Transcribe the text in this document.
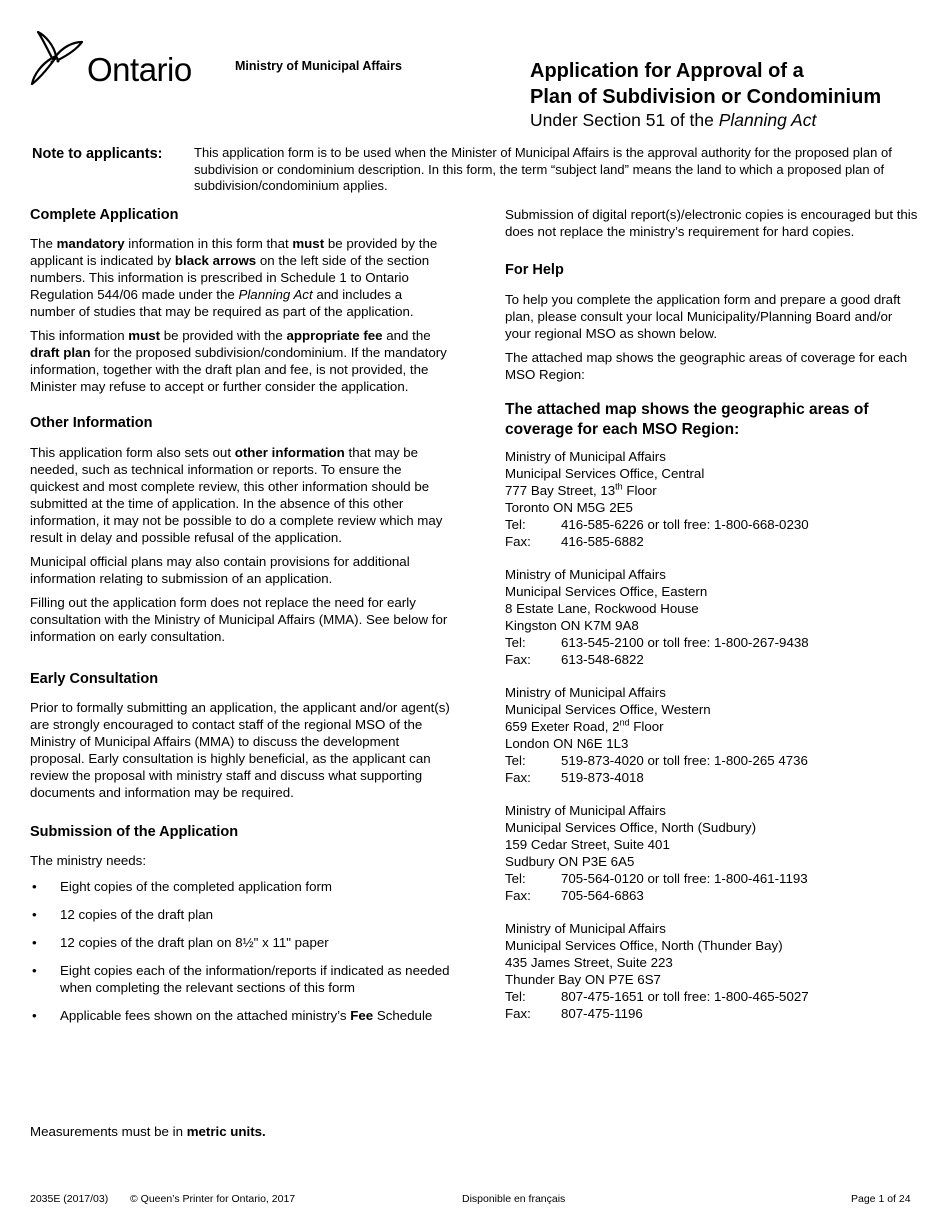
Ontario	Ministry of Municipal Affairs	Application for Approval of a
Plan of Subdivision or Condominium
Under Section 51 of the Planning Act
Note to applicants: This application form is to be used when the Minister of Municipal Affairs is the approval authority for the proposed plan of subdivision or condominium description. In this form, the term “subject land” means the land to which a proposed plan of subdivision/condominium applies.
Complete Application

The mandatory information in this form that must be provided by the applicant is indicated by black arrows on the left side of the section numbers. This information is prescribed in Schedule 1 to Ontario Regulation 544/06 made under the Planning Act and includes a number of studies that may be required as part of the application.

This information must be provided with the appropriate fee and the draft plan for the proposed subdivision/condominium. If the mandatory information, together with the draft plan and fee, is not provided, the Minister may refuse to accept or further consider the application.

Other Information

This application form also sets out other information that may be needed, such as technical information or reports. To ensure the quickest and most complete review, this other information should be submitted at the time of application. In the absence of this other information, it may not be possible to do a complete review which may result in delay and possible refusal of the application.

Municipal official plans may also contain provisions for additional information relating to submission of an application.

Filling out the application form does not replace the need for early consultation with the Ministry of Municipal Affairs (MMA). See below for information on early consultation.

Early Consultation

Prior to formally submitting an application, the applicant and/or agent(s) are strongly encouraged to contact staff of the regional MSO of the Ministry of Municipal Affairs (MMA) to discuss the development proposal. Early consultation is highly beneficial, as the applicant can review the proposal with ministry staff and discuss what supporting documents and information may be required.

Submission of the Application

The ministry needs:

• Eight copies of the completed application form
• 12 copies of the draft plan
• 12 copies of the draft plan on 8½" x 11" paper
• Eight copies each of the information/reports if indicated as needed when completing the relevant sections of this form
• Applicable fees shown on the attached ministry’s Fee Schedule
Measurements must be in metric units.

Submission of digital report(s)/electronic copies is encouraged but this does not replace the ministry’s requirement for hard copies.

For Help

To help you complete the application form and prepare a good draft plan, please consult your local Municipality/Planning Board and/or your regional MSO as shown below.

The attached map shows the geographic areas of coverage for each MSO Region:

The attached map shows the geographic areas of coverage for each MSO Region:

Ministry of Municipal Affairs
Municipal Services Office, Central
777 Bay Street, 13th Floor
Toronto ON M5G 2E5
Tel:	416-585-6226 or toll free: 1-800-668-0230
Fax:	416-585-6882
Ministry of Municipal Affairs
Municipal Services Office, Eastern
8 Estate Lane, Rockwood House
Kingston ON K7M 9A8
Tel:	613-545-2100 or toll free: 1-800-267-9438
Fax:	613-548-6822
Ministry of Municipal Affairs
Municipal Services Office, Western
659 Exeter Road, 2nd Floor
London ON N6E 1L3
Tel:	519-873-4020 or toll free: 1-800-265 4736
Fax:	519-873-4018
Ministry of Municipal Affairs
Municipal Services Office, North (Sudbury)
159 Cedar Street, Suite 401
Sudbury ON P3E 6A5
Tel:	705-564-0120 or toll free: 1-800-461-1193
Fax:	705-564-6863
Ministry of Municipal Affairs
Municipal Services Office, North (Thunder Bay)
435 James Street, Suite 223
Thunder Bay ON P7E 6S7
Tel:	807-475-1651 or toll free: 1-800-465-5027
Fax:	807-475-1196
2035E (2017/03) © Queen’s Printer for Ontario, 2017	Disponible en français	Page 1 of 24
